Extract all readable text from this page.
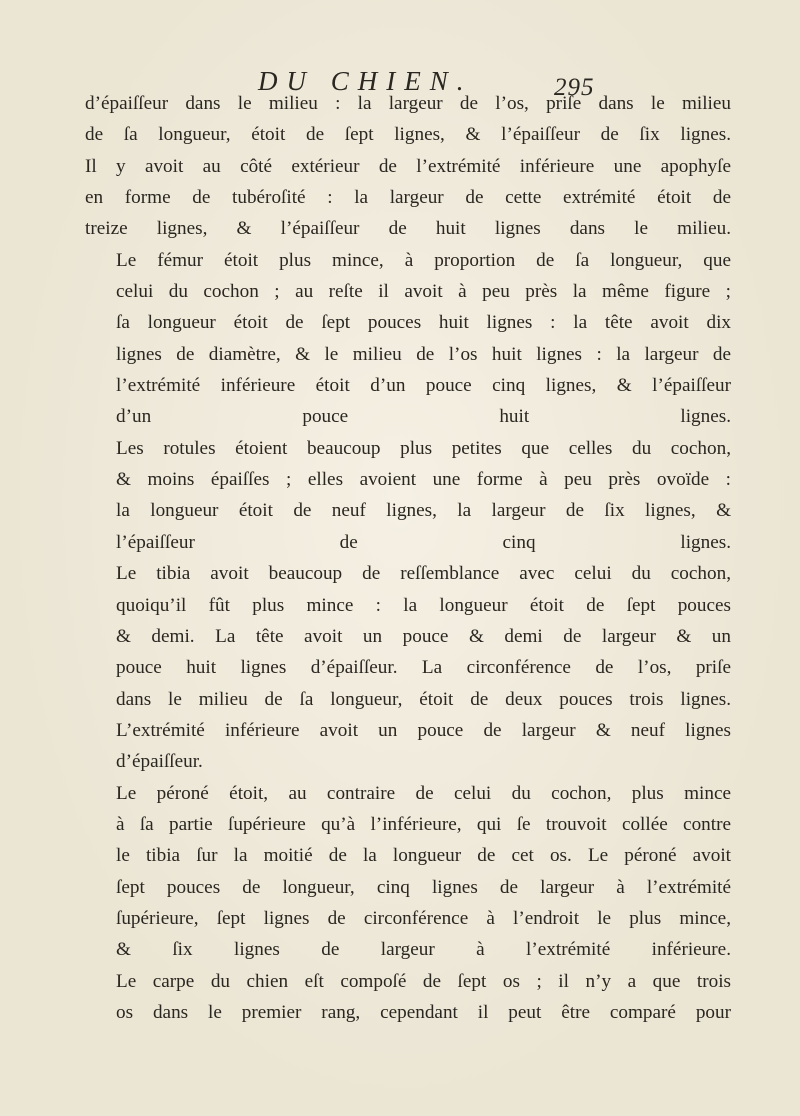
DU CHIEN.	295

d’épaiſſeur dans le milieu : la largeur de l’os, priſe dans le milieu
de ſa longueur, étoit de ſept lignes, & l’épaiſſeur de ſix lignes.
Il y avoit au côté extérieur de l’extrémité inférieure une apophyſe
en forme de tubéroſité : la largeur de cette extrémité étoit de
treize lignes, & l’épaiſſeur de huit lignes dans le milieu.

Le fémur étoit plus mince, à proportion de ſa longueur, que
celui du cochon ; au reſte il avoit à peu près la même figure ;
ſa longueur étoit de ſept pouces huit lignes : la tête avoit dix
lignes de diamètre, & le milieu de l’os huit lignes : la largeur de
l’extrémité inférieure étoit d’un pouce cinq lignes, & l’épaiſſeur
d’un pouce huit lignes.

Les rotules étoient beaucoup plus petites que celles du cochon,
& moins épaiſſes ; elles avoient une forme à peu près ovoïde :
la longueur étoit de neuf lignes, la largeur de ſix lignes, &
l’épaiſſeur de cinq lignes.

Le tibia avoit beaucoup de reſſemblance avec celui du cochon,
quoiqu’il fût plus mince : la longueur étoit de ſept pouces
& demi. La tête avoit un pouce & demi de largeur & un
pouce huit lignes d’épaiſſeur. La circonférence de l’os, priſe
dans le milieu de ſa longueur, étoit de deux pouces trois lignes.
L’extrémité inférieure avoit un pouce de largeur & neuf lignes
d’épaiſſeur.

Le péroné étoit, au contraire de celui du cochon, plus mince
à ſa partie ſupérieure qu’à l’inférieure, qui ſe trouvoit collée contre
le tibia ſur la moitié de la longueur de cet os. Le péroné avoit
ſept pouces de longueur, cinq lignes de largeur à l’extrémité
ſupérieure, ſept lignes de circonférence à l’endroit le plus mince,
& ſix lignes de largeur à l’extrémité inférieure.

Le carpe du chien eſt compoſé de ſept os ; il n’y a que trois
os dans le premier rang, cependant il peut être comparé pour
